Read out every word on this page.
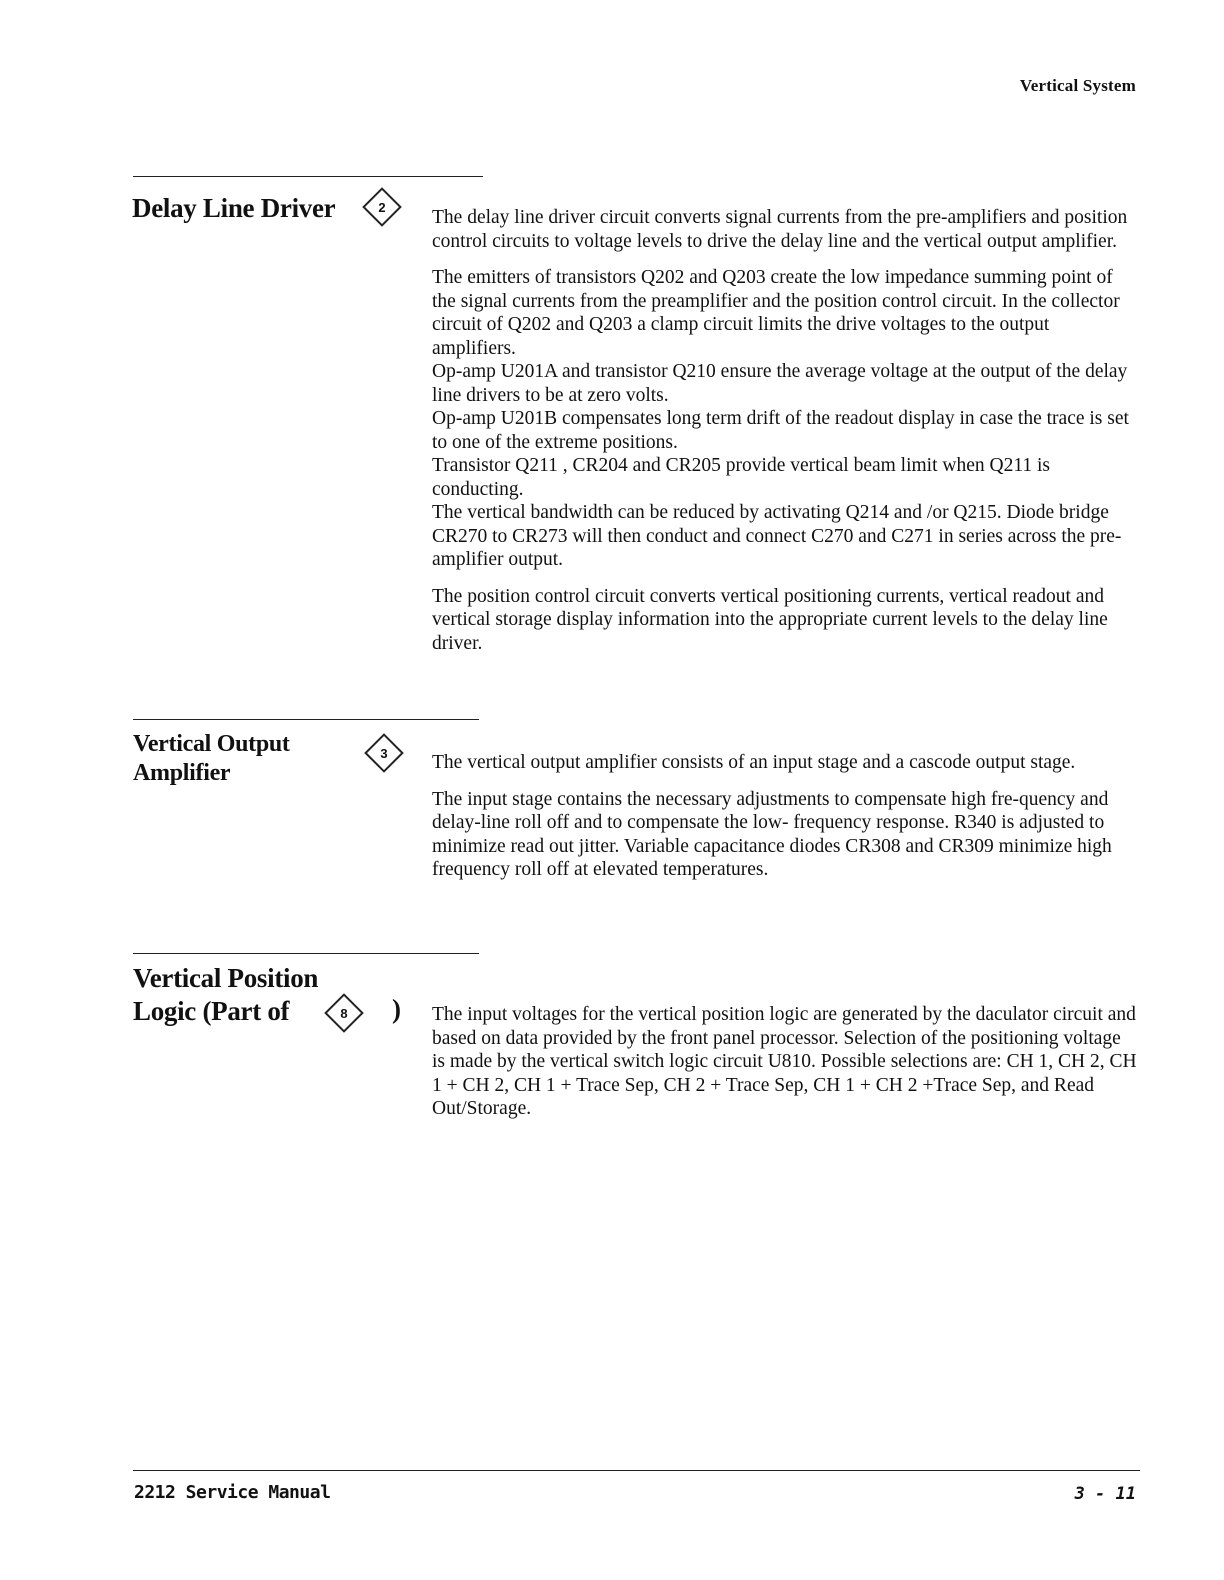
Vertical System
Delay Line Driver	2	The delay line driver circuit converts signal currents from the pre-amplifiers and position control circuits to voltage levels to drive the delay line and the vertical output amplifier.

The emitters of transistors Q202 and Q203 create the low impedance summing point of the signal currents from the preamplifier and the position control circuit. In the collector circuit of Q202 and Q203 a clamp circuit limits the drive voltages to the output amplifiers.

Op-amp U201A and transistor Q210 ensure the average voltage at the output of the delay line drivers to be at zero volts.

Op-amp U201B compensates long term drift of the readout display in case the trace is set to one of the extreme positions.

Transistor Q211 , CR204 and CR205 provide vertical beam limit when Q211 is conducting.

The vertical bandwidth can be reduced by activating Q214 and /or Q215. Diode bridge CR270 to CR273 will then conduct and connect C270 and C271 in series across the pre-amplifier output.

The position control circuit converts vertical positioning currents, vertical readout and vertical storage display information into the appropriate current levels to the delay line driver.

Vertical Output
Amplifier
3	The vertical output amplifier consists of an input stage and a cascode output stage.

The input stage contains the necessary adjustments to compensate high fre-quency and delay-line roll off and to compensate the low- frequency response. R340 is adjusted to minimize read out jitter. Variable capacitance diodes CR308 and CR309 minimize high frequency roll off at elevated temperatures.

Vertical Position
Logic (Part of	8	) The input voltages for the vertical position logic are generated by the daculator circuit and based on data provided by the front panel processor. Selection of the positioning voltage is made by the vertical switch logic circuit U810. Possible selections are: CH 1, CH 2, CH 1 + CH 2, CH 1 + Trace Sep, CH 2 + Trace Sep, CH 1 + CH 2 +Trace Sep, and Read Out/Storage.

2212 Service Manual	3 - 11
